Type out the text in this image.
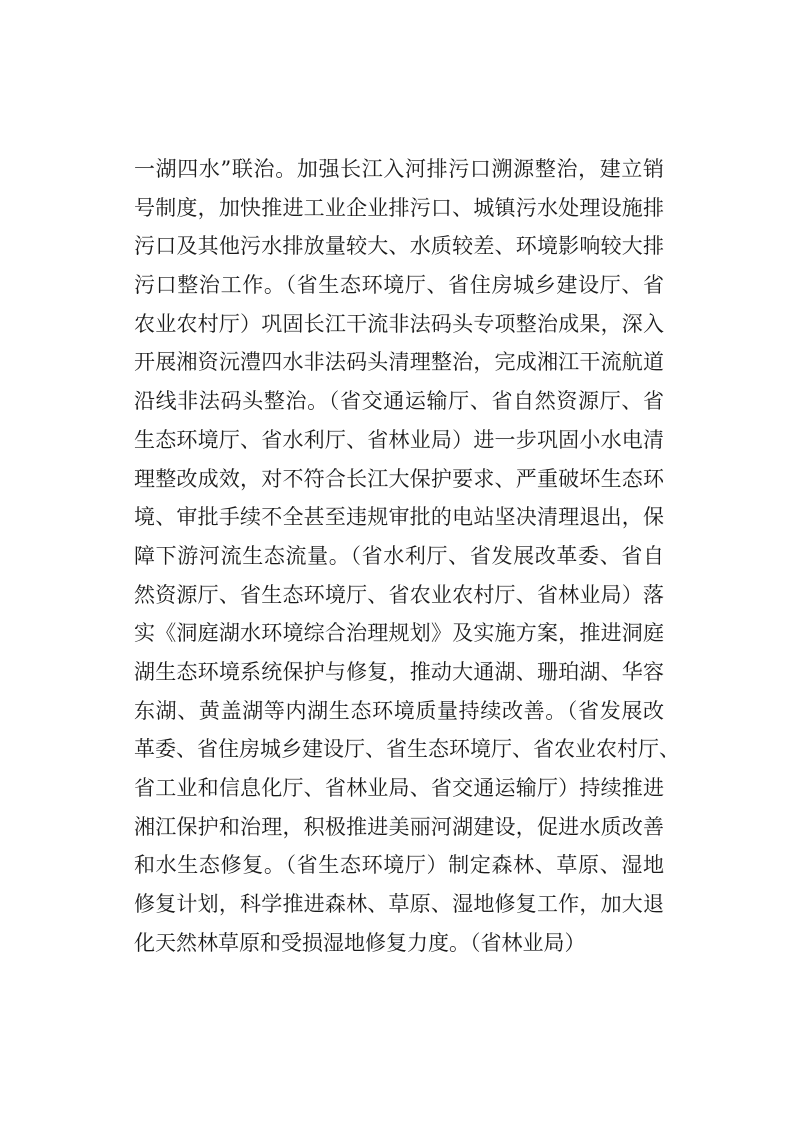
一湖四水”联治。加强长江入河排污口溯源整治，建立销
号制度，加快推进工业企业排污口、城镇污水处理设施排
污口及其他污水排放量较大、水质较差、环境影响较大排
污口整治工作。（省生态环境厅、省住房城乡建设厅、省
农业农村厅）巩固长江干流非法码头专项整治成果，深入
开展湘资沅澧四水非法码头清理整治，完成湘江干流航道
沿线非法码头整治。（省交通运输厅、省自然资源厅、省
生态环境厅、省水利厅、省林业局）进一步巩固小水电清
理整改成效，对不符合长江大保护要求、严重破坏生态环
境、审批手续不全甚至违规审批的电站坚决清理退出，保
障下游河流生态流量。（省水利厅、省发展改革委、省自
然资源厅、省生态环境厅、省农业农村厅、省林业局）落
实《洞庭湖水环境综合治理规划》及实施方案，推进洞庭
湖生态环境系统保护与修复，推动大通湖、珊珀湖、华容
东湖、黄盖湖等内湖生态环境质量持续改善。（省发展改
革委、省住房城乡建设厅、省生态环境厅、省农业农村厅、
省工业和信息化厅、省林业局、省交通运输厅）持续推进
湘江保护和治理，积极推进美丽河湖建设，促进水质改善
和水生态修复。（省生态环境厅）制定森林、草原、湿地
修复计划，科学推进森林、草原、湿地修复工作，加大退
化天然林草原和受损湿地修复力度。（省林业局）
